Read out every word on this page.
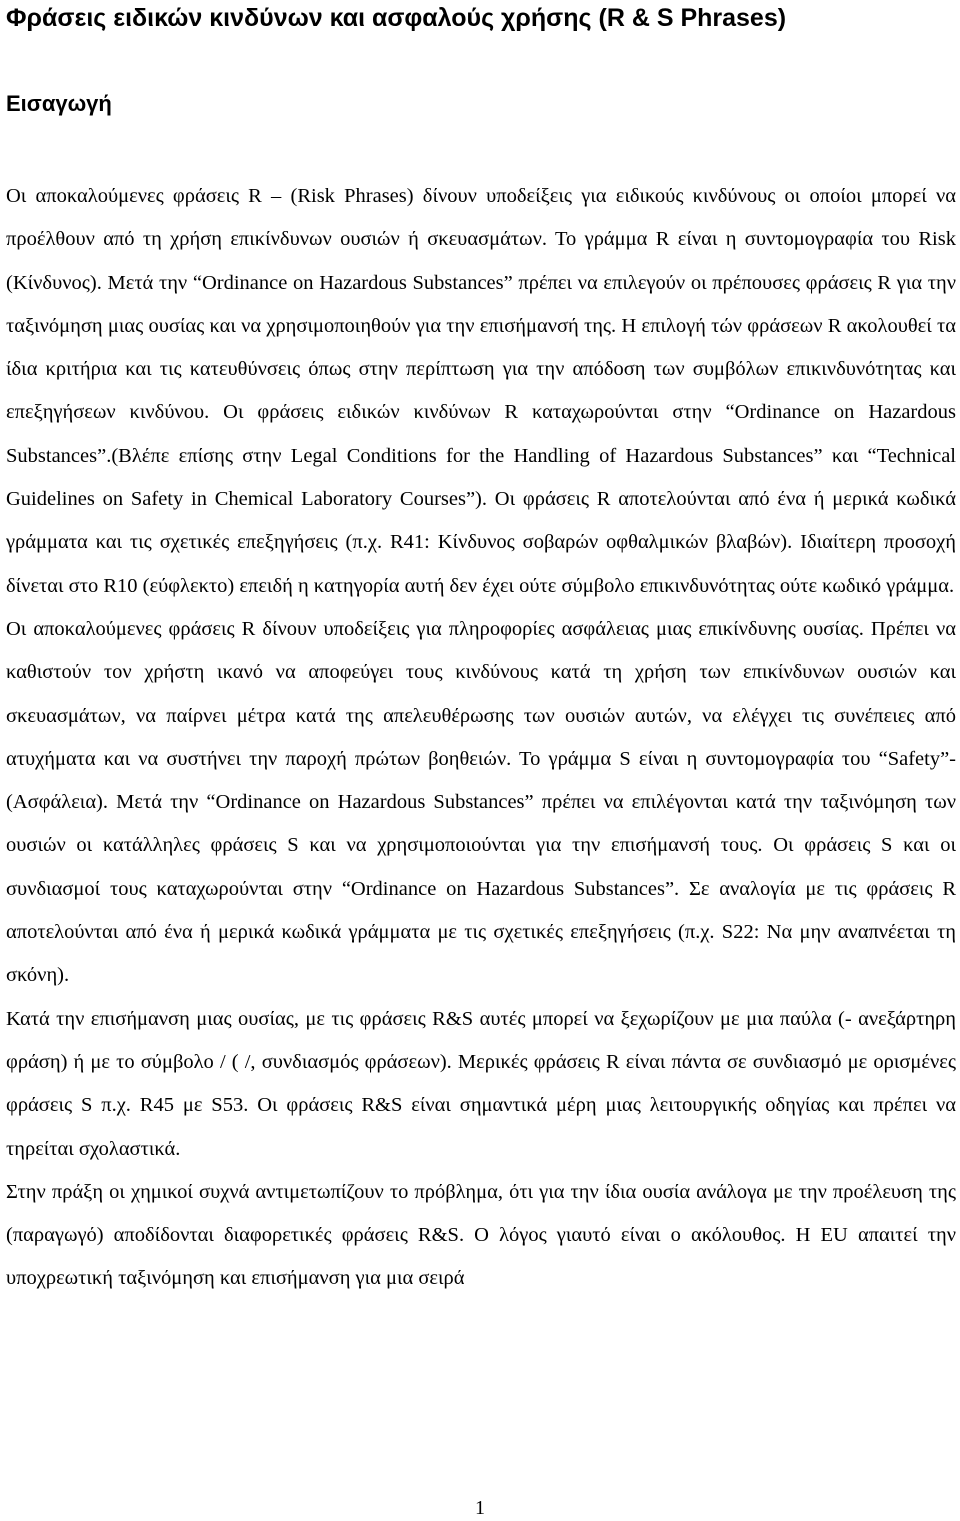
Φράσεις ειδικών κινδύνων και ασφαλούς χρήσης (R & S Phrases)
Εισαγωγή

Οι αποκαλούμενες φράσεις R – (Risk Phrases) δίνουν υποδείξεις για ειδικούς κινδύνους οι οποίοι μπορεί να προέλθουν από τη χρήση επικίνδυνων ουσιών ή σκευασμάτων. Το γράμμα R είναι η συντομογραφία του Risk (Κίνδυνος). Μετά την “Ordinance on Hazardous Substances” πρέπει να επιλεγούν οι πρέπουσες φράσεις R για την ταξινόμηση μιας ουσίας και να χρησιμοποιηθούν για την επισήμανσή της. Η επιλογή τών φράσεων R ακολουθεί τα ίδια κριτήρια και τις κατευθύνσεις όπως στην περίπτωση για την απόδοση των συμβόλων επικινδυνότητας και επεξηγήσεων κινδύνου. Οι φράσεις ειδικών κινδύνων R καταχωρούνται στην “Ordinance on Hazardous Substances”.(Βλέπε επίσης στην Legal Conditions for the Handling of Hazardous Substances” και “Technical Guidelines on Safety in Chemical Laboratory Courses”). Οι φράσεις R αποτελούνται από ένα ή μερικά κωδικά γράμματα και τις σχετικές επεξηγήσεις (π.χ. R41: Κίνδυνος σοβαρών οφθαλμικών βλαβών). Ιδιαίτερη προσοχή δίνεται στο R10 (εύφλεκτο) επειδή η κατηγορία αυτή δεν έχει ούτε σύμβολο επικινδυνότητας ούτε κωδικό γράμμα.

Οι αποκαλούμενες φράσεις R δίνουν υποδείξεις για πληροφορίες ασφάλειας μιας επικίνδυνης ουσίας. Πρέπει να καθιστούν τον χρήστη ικανό να αποφεύγει τους κινδύνους κατά τη χρήση των επικίνδυνων ουσιών και σκευασμάτων, να παίρνει μέτρα κατά της απελευθέρωσης των ουσιών αυτών, να ελέγχει τις συνέπειες από ατυχήματα και να συστήνει την παροχή πρώτων βοηθειών. Το γράμμα S είναι η συντομογραφία του “Safety”-(Ασφάλεια). Μετά την “Ordinance on Hazardous Substances” πρέπει να επιλέγονται κατά την ταξινόμηση των ουσιών οι κατάλληλες φράσεις S και να χρησιμοποιούνται για την επισήμανσή τους. Οι φράσεις S και οι συνδιασμοί τους καταχωρούνται στην “Ordinance on Hazardous Substances”. Σε αναλογία με τις φράσεις R αποτελούνται από ένα ή μερικά κωδικά γράμματα με τις σχετικές επεξηγήσεις (π.χ. S22: Να μην αναπνέεται τη σκόνη).

Κατά την επισήμανση μιας ουσίας, με τις φράσεις R&S αυτές μπορεί να ξεχωρίζουν με μια παύλα (- ανεξάρτηρη φράση) ή με το σύμβολο / ( /, συνδιασμός φράσεων). Μερικές φράσεις R είναι πάντα σε συνδιασμό με ορισμένες φράσεις S π.χ. R45 με S53. Οι φράσεις R&S είναι σημαντικά μέρη μιας λειτουργικής οδηγίας και πρέπει να τηρείται σχολαστικά.

Στην πράξη οι χημικοί συχνά αντιμετωπίζουν το πρόβλημα, ότι για την ίδια ουσία ανάλογα με την προέλευση της (παραγωγό) αποδίδονται διαφορετικές φράσεις R&S. Ο λόγος γιαυτό είναι ο ακόλουθος. Η EU απαιτεί την υποχρεωτική ταξινόμηση και επισήμανση για μια σειρά

1
